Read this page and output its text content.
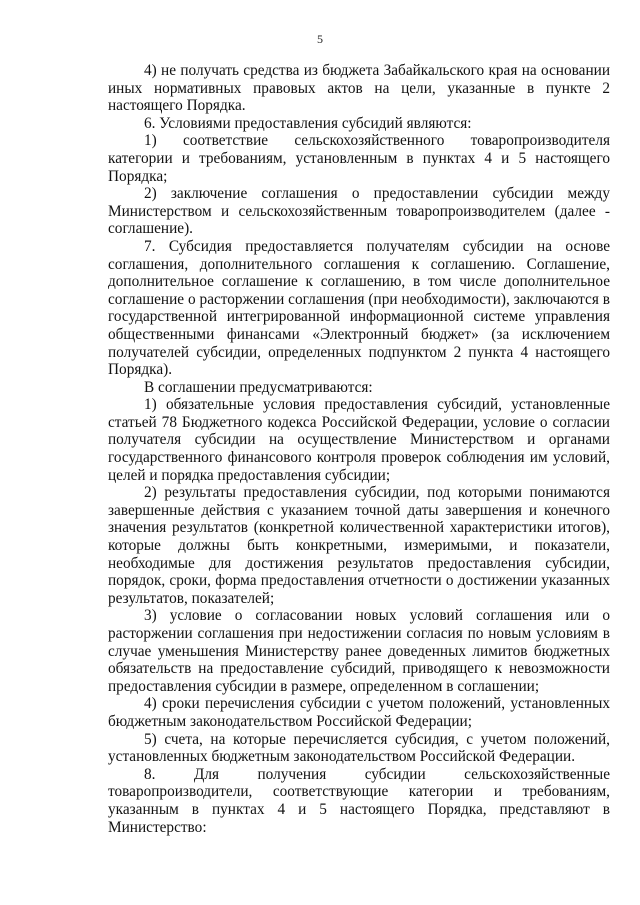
5

4) не получать средства из бюджета Забайкальского края на основании иных нормативных правовых актов на цели, указанные в пункте 2 настоящего Порядка.

6. Условиями предоставления субсидий являются:

1) соответствие сельскохозяйственного товаропроизводителя категории и требованиям, установленным в пунктах 4 и 5 настоящего Порядка;

2) заключение соглашения о предоставлении субсидии между Министерством и сельскохозяйственным товаропроизводителем (далее - соглашение).

7. Субсидия предоставляется получателям субсидии на основе соглашения, дополнительного соглашения к соглашению. Соглашение, дополнительное соглашение к соглашению, в том числе дополнительное соглашение о расторжении соглашения (при необходимости), заключаются в государственной интегрированной информационной системе управления общественными финансами «Электронный бюджет» (за исключением получателей субсидии, определенных подпунктом 2 пункта 4 настоящего Порядка).

В соглашении предусматриваются:

1) обязательные условия предоставления субсидий, установленные статьей 78 Бюджетного кодекса Российской Федерации, условие о согласии получателя субсидии на осуществление Министерством и органами государственного финансового контроля проверок соблюдения им условий, целей и порядка предоставления субсидии;

2) результаты предоставления субсидии, под которыми понимаются завершенные действия с указанием точной даты завершения и конечного значения результатов (конкретной количественной характеристики итогов), которые должны быть конкретными, измеримыми, и показатели, необходимые для достижения результатов предоставления субсидии, порядок, сроки, форма предоставления отчетности о достижении указанных результатов, показателей;

3) условие о согласовании новых условий соглашения или о расторжении соглашения при недостижении согласия по новым условиям в случае уменьшения Министерству ранее доведенных лимитов бюджетных обязательств на предоставление субсидий, приводящего к невозможности предоставления субсидии в размере, определенном в соглашении;

4) сроки перечисления субсидии с учетом положений, установленных бюджетным законодательством Российской Федерации;

5) счета, на которые перечисляется субсидия, с учетом положений, установленных бюджетным законодательством Российской Федерации.

8. Для получения субсидии сельскохозяйственные товаропроизводители, соответствующие категории и требованиям, указанным в пунктах 4 и 5 настоящего Порядка, представляют в Министерство:
